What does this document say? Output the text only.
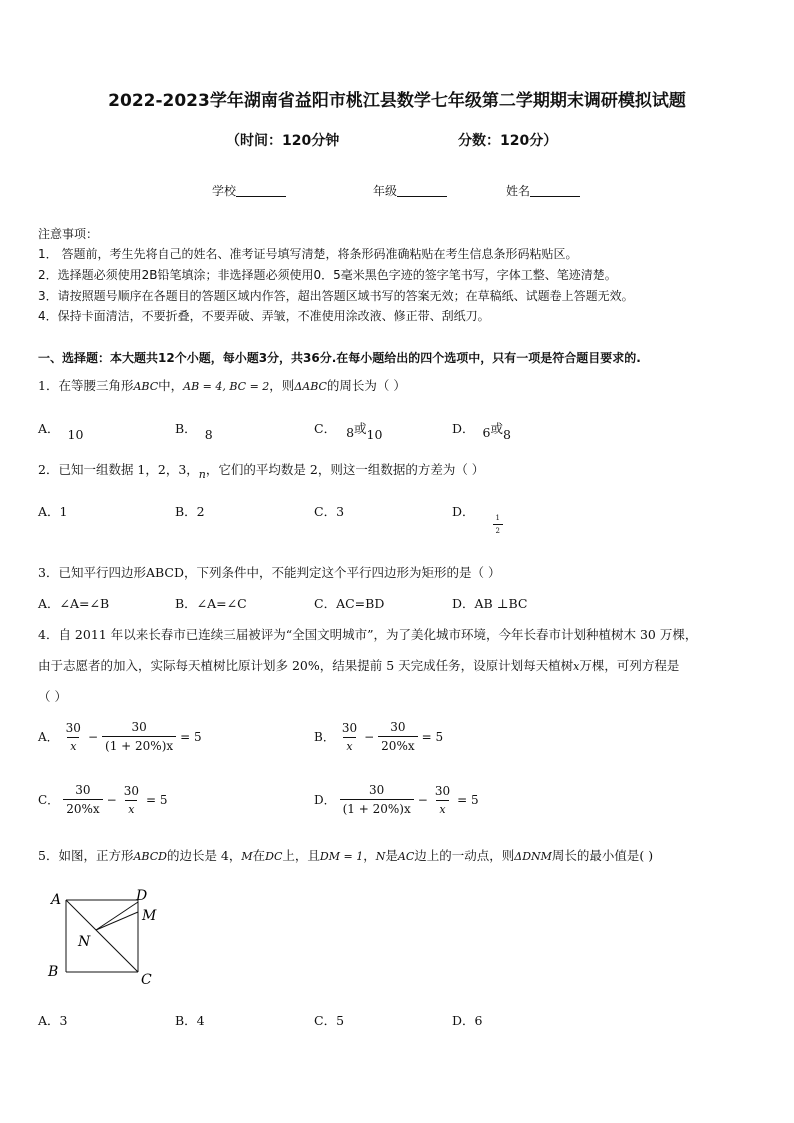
2022-2023学年湖南省益阳市桃江县数学七年级第二学期期末调研模拟试题
（时间：120分钟	分数：120分）
学校	年级	姓名
注意事项：
1． 答题前，考生先将自己的姓名、准考证号填写清楚，将条形码准确粘贴在考生信息条形码粘贴区。
2．选择题必须使用2B铅笔填涂；非选择题必须使用0．5毫米黑色字迹的签字笔书写，字体工整、笔迹清楚。
3．请按照题号顺序在各题目的答题区域内作答，超出答题区域书写的答案无效；在草稿纸、试题卷上答题无效。
4．保持卡面清洁，不要折叠，不要弄破、弄皱，不准使用涂改液、修正带、刮纸刀。
一、选择题：本大题共12个小题，每小题3分，共36分.在每小题给出的四个选项中，只有一项是符合题目要求的.
1．在等腰三角形ABC中，AB = 4, BC = 2，则ΔABC的周长为（ ）
A． 10	B． 8	C． 8或10	D． 6或8
2．已知一组数据 1，2，3，n，它们的平均数是 2，则这一组数据的方差为（ ）
A．1	B．2	C．3	D．
$\frac{1}{2}$
3．已知平行四边形ABCD，下列条件中，不能判定这个平行四边形为矩形的是（ ）
A．∠A=∠B	B．∠A=∠C	C．AC=BD	D．AB ⊥BC
4．自 2011 年以来长春市已连续三届被评为“全国文明城市”，为了美化城市环境，今年长春市计划种植树木 30 万棵，
由于志愿者的加入，实际每天植树比原计划多 20%，结果提前 5 天完成任务，设原计划每天植树x万棵，可列方程是
（ ）
A． $\frac{30}{x} - \frac{30}{(1 + 20\%)x} = 5$	B． $\frac{30}{x} - \frac{30}{20\%x} = 5$
C． $\frac{30}{20\%x} - \frac{30}{x} = 5$	D． $\frac{30}{(1 + 20\%)x} - \frac{30}{x} = 5$
5．如图，正方形ABCD的边长是 4，M在DC上，且DM = 1，N是AC边上的一动点，则ΔDNM周长的最小值是( )
A	D
M
N
B	C
A．3	B．4	C．5	D．6
